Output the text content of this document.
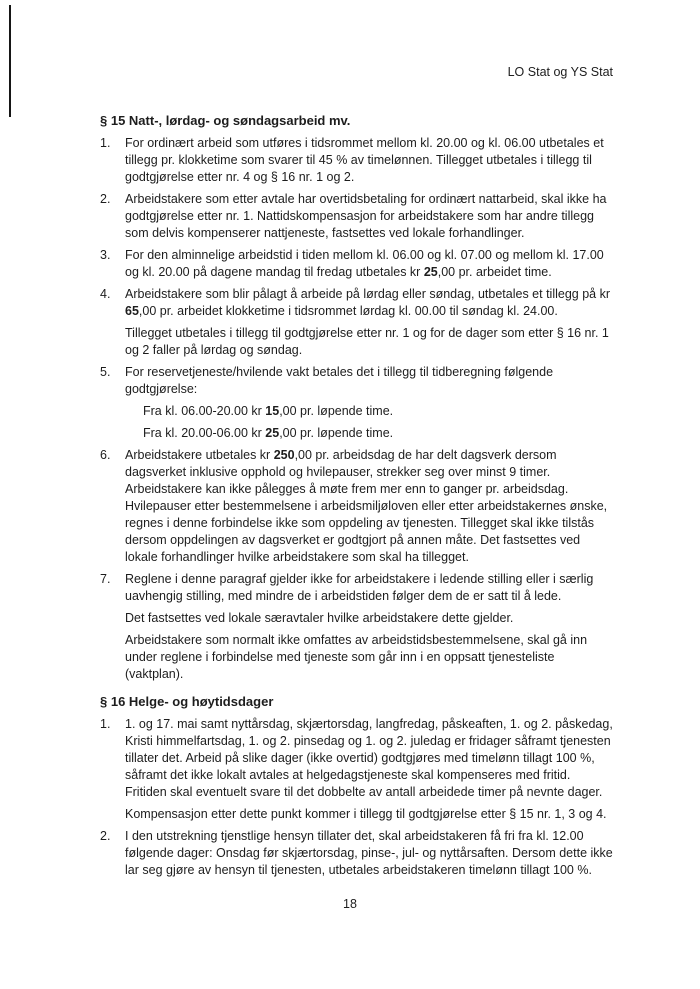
LO Stat og YS Stat
§ 15 Natt-, lørdag- og søndagsarbeid mv.
1.	For ordinært arbeid som utføres i tidsrommet mellom kl. 20.00 og kl. 06.00 utbetales et
tillegg pr. klokketime som svarer til 45 % av timelønnen. Tillegget utbetales i tillegg til
godtgjørelse etter nr. 4 og § 16 nr. 1 og 2.
2.	Arbeidstakere som etter avtale har overtidsbetaling for ordinært nattarbeid, skal ikke ha
godtgjørelse etter nr. 1. Nattidskompensasjon for arbeidstakere som har andre tillegg
som delvis kompenserer nattjeneste, fastsettes ved lokale forhandlinger.
3.	For den alminnelige arbeidstid i tiden mellom kl. 06.00 og kl. 07.00 og mellom kl. 17.00
og kl. 20.00 på dagene mandag til fredag utbetales kr 25,00 pr. arbeidet time.
4.	Arbeidstakere som blir pålagt å arbeide på lørdag eller søndag, utbetales et tillegg på kr
65,00 pr. arbeidet klokketime i tidsrommet lørdag kl. 00.00 til søndag kl. 24.00.
Tillegget utbetales i tillegg til godtgjørelse etter nr. 1 og for de dager som etter § 16 nr. 1
og 2 faller på lørdag og søndag.
5.	For reservetjeneste/hvilende vakt betales det i tillegg til tidberegning følgende
godtgjørelse:
Fra kl. 06.00-20.00 kr 15,00 pr. løpende time.
Fra kl. 20.00-06.00 kr 25,00 pr. løpende time.
6.	Arbeidstakere utbetales kr 250,00 pr. arbeidsdag de har delt dagsverk dersom
dagsverket inklusive opphold og hvilepauser, strekker seg over minst 9 timer.
Arbeidstakere kan ikke pålegges å møte frem mer enn to ganger pr. arbeidsdag.
Hvilepauser etter bestemmelsene i arbeidsmiljøloven eller etter arbeidstakernes ønske,
regnes i denne forbindelse ikke som oppdeling av tjenesten. Tillegget skal ikke tilstås
dersom oppdelingen av dagsverket er godtgjort på annen måte. Det fastsettes ved
lokale forhandlinger hvilke arbeidstakere som skal ha tillegget.
7.	Reglene i denne paragraf gjelder ikke for arbeidstakere i ledende stilling eller i særlig
uavhengig stilling, med mindre de i arbeidstiden følger dem de er satt til å lede.
Det fastsettes ved lokale særavtaler hvilke arbeidstakere dette gjelder.
Arbeidstakere som normalt ikke omfattes av arbeidstidsbestemmelsene, skal gå inn
under reglene i forbindelse med tjeneste som går inn i en oppsatt tjenesteliste
(vaktplan).
§ 16 Helge- og høytidsdager
1.	1. og 17. mai samt nyttårsdag, skjærtorsdag, langfredag, påskeaften, 1. og 2. påskedag,
Kristi himmelfartsdag, 1. og 2. pinsedag og 1. og 2. juledag er fridager såframt tjenesten
tillater det. Arbeid på slike dager (ikke overtid) godtgjøres med timelønn tillagt 100 %,
såframt det ikke lokalt avtales at helgedagstjeneste skal kompenseres med fritid.
Fritiden skal eventuelt svare til det dobbelte av antall arbeidede timer på nevnte dager.
Kompensasjon etter dette punkt kommer i tillegg til godtgjørelse etter § 15 nr. 1, 3 og 4.
2.	I den utstrekning tjenstlige hensyn tillater det, skal arbeidstakeren få fri fra kl. 12.00
følgende dager: Onsdag før skjærtorsdag, pinse-, jul- og nyttårsaften. Dersom dette ikke
lar seg gjøre av hensyn til tjenesten, utbetales arbeidstakeren timelønn tillagt 100 %.
18
